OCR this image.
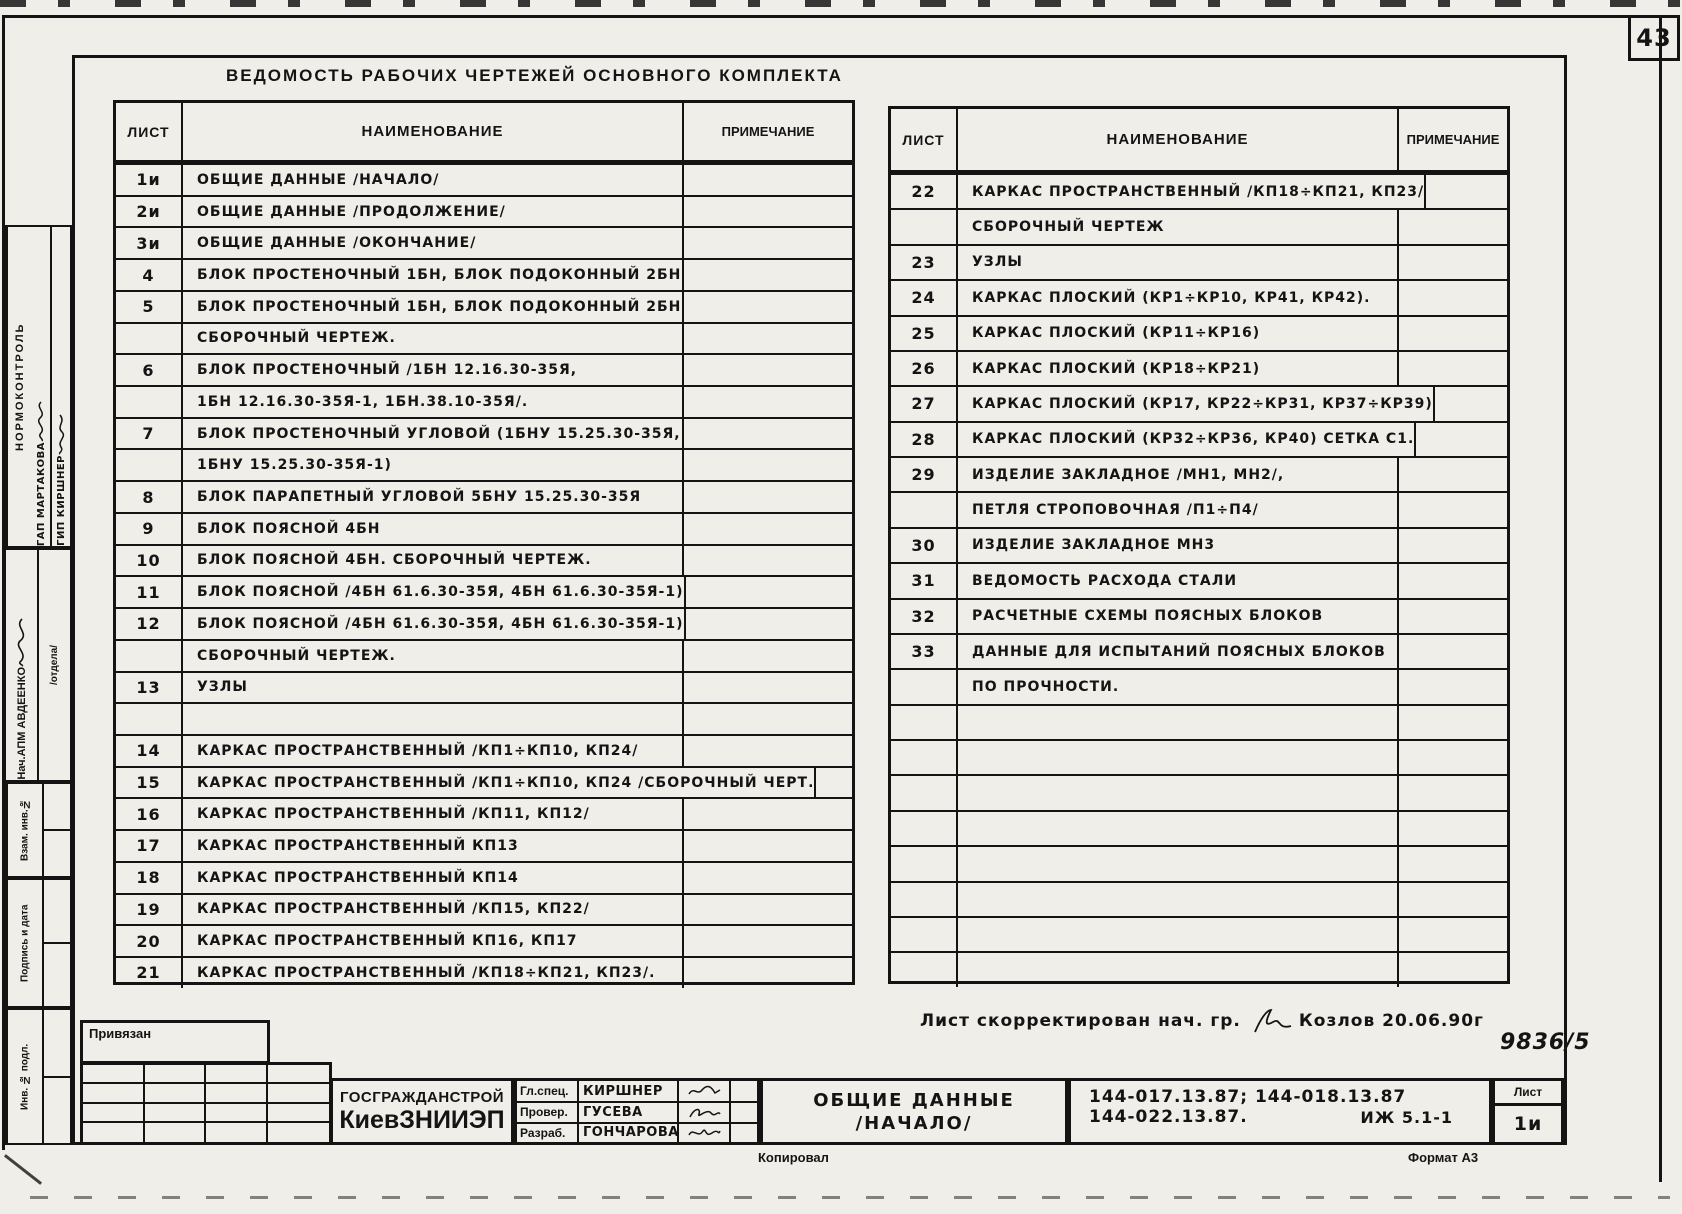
43
ВЕДОМОСТЬ РАБОЧИХ ЧЕРТЕЖЕЙ ОСНОВНОГО КОМПЛЕКТА
ЛИСТ	НАИМЕНОВАНИЕ	ПРИМЕЧАНИЕ
1и	ОБЩИЕ ДАННЫЕ /НАЧАЛО/
2и	ОБЩИЕ ДАННЫЕ /ПРОДОЛЖЕНИЕ/
3и	ОБЩИЕ ДАННЫЕ /ОКОНЧАНИЕ/
4	БЛОК ПРОСТЕНОЧНЫЙ 1БН, БЛОК ПОДОКОННЫЙ 2БН
5	БЛОК ПРОСТЕНОЧНЫЙ 1БН, БЛОК ПОДОКОННЫЙ 2БН
СБОРОЧНЫЙ ЧЕРТЕЖ.
6	БЛОК ПРОСТЕНОЧНЫЙ /1БН 12.16.30-35Я,
1БН 12.16.30-35Я-1, 1БН.38.10-35Я/.
7	БЛОК ПРОСТЕНОЧНЫЙ УГЛОВОЙ (1БНУ 15.25.30-35Я,
1БНУ 15.25.30-35Я-1)
8	БЛОК ПАРАПЕТНЫЙ УГЛОВОЙ 5БНУ 15.25.30-35Я
9	БЛОК ПОЯСНОЙ 4БН
10	БЛОК ПОЯСНОЙ 4БН. СБОРОЧНЫЙ ЧЕРТЕЖ.
11	БЛОК ПОЯСНОЙ /4БН 61.6.30-35Я, 4БН 61.6.30-35Я-1)
12	БЛОК ПОЯСНОЙ /4БН 61.6.30-35Я, 4БН 61.6.30-35Я-1)
СБОРОЧНЫЙ ЧЕРТЕЖ.
13	УЗЛЫ
14	КАРКАС ПРОСТРАНСТВЕННЫЙ /КП1÷КП10, КП24/
15	КАРКАС ПРОСТРАНСТВЕННЫЙ /КП1÷КП10, КП24 /СБОРОЧНЫЙ ЧЕРТ.
16	КАРКАС ПРОСТРАНСТВЕННЫЙ /КП11, КП12/
17	КАРКАС ПРОСТРАНСТВЕННЫЙ КП13
18	КАРКАС ПРОСТРАНСТВЕННЫЙ КП14
19	КАРКАС ПРОСТРАНСТВЕННЫЙ /КП15, КП22/
20	КАРКАС ПРОСТРАНСТВЕННЫЙ КП16, КП17
21	КАРКАС ПРОСТРАНСТВЕННЫЙ /КП18÷КП21, КП23/.
ЛИСТ	НАИМЕНОВАНИЕ	ПРИМЕЧАНИЕ
22	КАРКАС ПРОСТРАНСТВЕННЫЙ /КП18÷КП21, КП23/
СБОРОЧНЫЙ ЧЕРТЕЖ
23	УЗЛЫ
24	КАРКАС ПЛОСКИЙ (КР1÷КР10, КР41, КР42).
25	КАРКАС ПЛОСКИЙ (КР11÷КР16)
26	КАРКАС ПЛОСКИЙ (КР18÷КР21)
27	КАРКАС ПЛОСКИЙ (КР17, КР22÷КР31, КР37÷КР39)
28	КАРКАС ПЛОСКИЙ (КР32÷КР36, КР40) СЕТКА С1.
29	ИЗДЕЛИЕ ЗАКЛАДНОЕ /МН1, МН2/,
ПЕТЛЯ СТРОПОВОЧНАЯ /П1÷П4/
30	ИЗДЕЛИЕ ЗАКЛАДНОЕ МН3
31	ВЕДОМОСТЬ РАСХОДА СТАЛИ
32	РАСЧЕТНЫЕ СХЕМЫ ПОЯСНЫХ БЛОКОВ
33	ДАННЫЕ ДЛЯ ИСПЫТАНИЙ ПОЯСНЫХ БЛОКОВ
ПО ПРОЧНОСТИ.
НОРМОКОНТРОЛЬ
ГАП МАРТАКОВА ГИП КИРШНЕР
Нач.АПМ АВДЕЕНКО
/отдела/
Взам. инв.№
Подпись и дата
Инв. № подл.
Лист скорректирован нач. гр.	Козлов 20.06.90г
9836/5
Привязан
ГОСГРАЖДАНСТРОЙ
КиевЗНИИЭП
Гл.спец.	КИРШНЕР
Провер.	ГУСЕВА
Разраб.	ГОНЧАРОВА
ОБЩИЕ ДАННЫЕ
/НАЧАЛО/
144-017.13.87; 144-018.13.87
144-022.13.87.	ИЖ 5.1-1
Лист
1и
Копировал	Формат А3
